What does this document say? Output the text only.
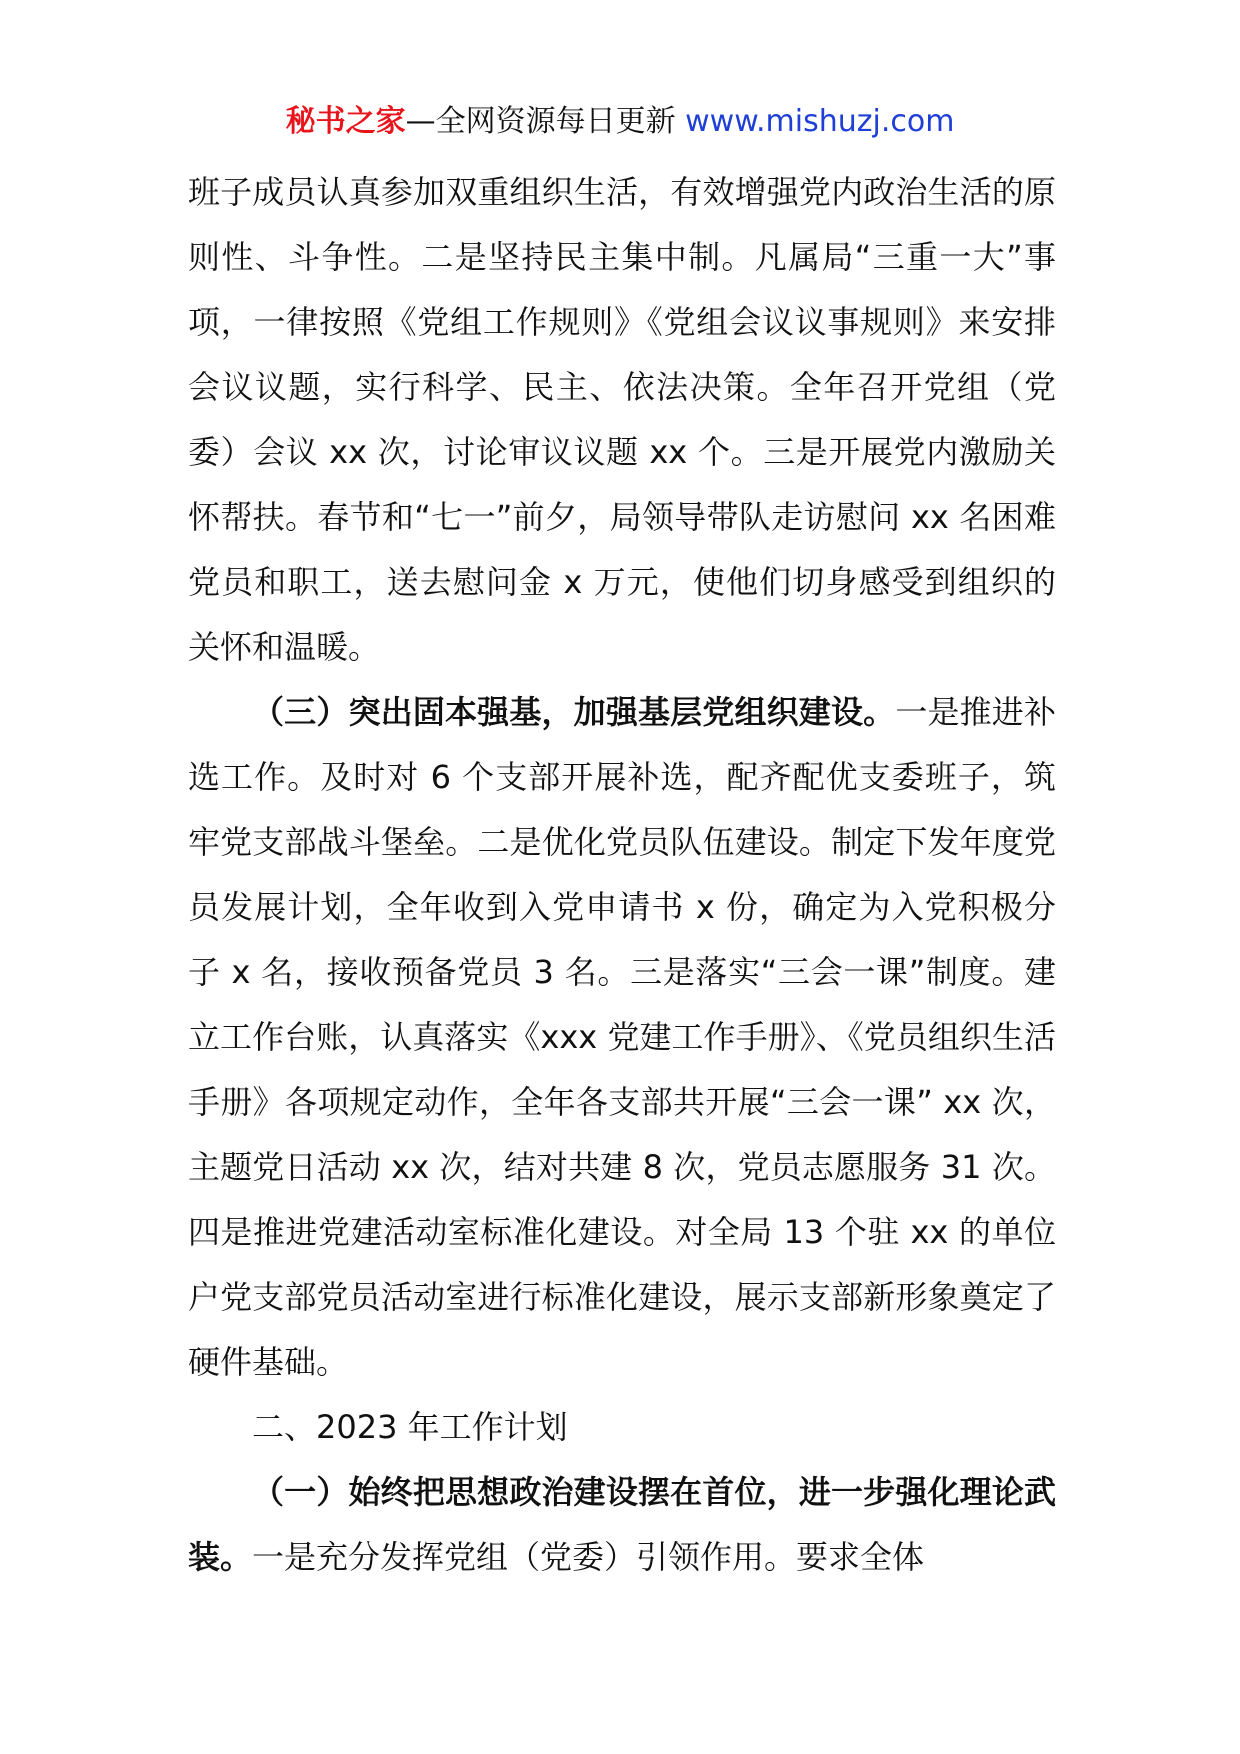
秘书之家—全网资源每日更新 www.mishuzj.com

班子成员认真参加双重组织生活，有效增强党内政治生活的原则性、斗争性。二是坚持民主集中制。凡属局“三重一大”事项，一律按照《党组工作规则》《党组会议议事规则》来安排会议议题，实行科学、民主、依法决策。全年召开党组（党委）会议 xx 次，讨论审议议题 xx 个。三是开展党内激励关怀帮扶。春节和“七一”前夕，局领导带队走访慰问 xx 名困难党员和职工，送去慰问金 x 万元，使他们切身感受到组织的关怀和温暖。

（三）突出固本强基，加强基层党组织建设。一是推进补选工作。及时对 6 个支部开展补选，配齐配优支委班子，筑牢党支部战斗堡垒。二是优化党员队伍建设。制定下发年度党员发展计划，全年收到入党申请书 x 份，确定为入党积极分子 x 名，接收预备党员 3 名。三是落实“三会一课”制度。建立工作台账，认真落实《xxx 党建工作手册》、《党员组织生活手册》各项规定动作，全年各支部共开展“三会一课” xx 次，主题党日活动 xx 次，结对共建 8 次，党员志愿服务 31 次。四是推进党建活动室标准化建设。对全局 13 个驻 xx 的单位户党支部党员活动室进行标准化建设，展示支部新形象奠定了硬件基础。

二、2023 年工作计划

（一）始终把思想政治建设摆在首位，进一步强化理论武装。一是充分发挥党组（党委）引领作用。要求全体
